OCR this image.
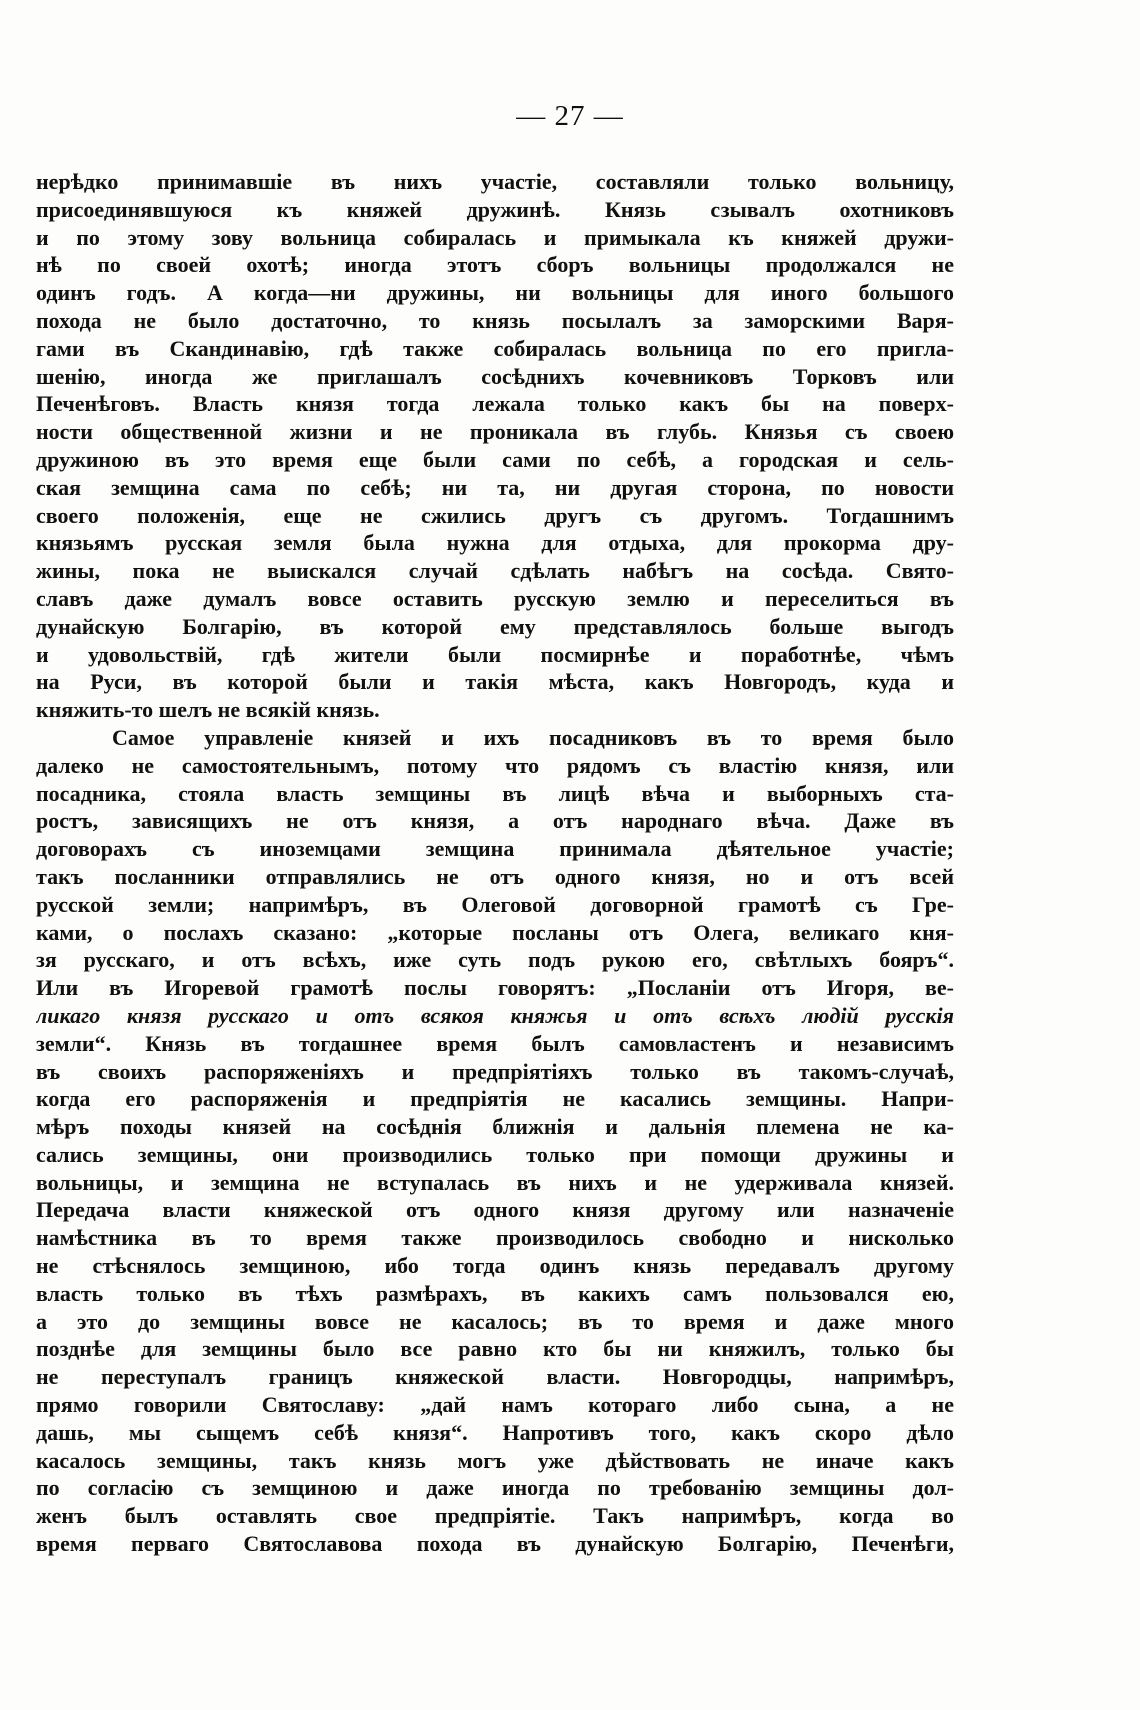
— 27 —
нерѣдко принимавшіе въ нихъ участіе, составляли только вольницу,
присоединявшуюся къ княжей дружинѣ. Князь сзывалъ охотниковъ
и по этому зову вольница собиралась и примыкала къ княжей дружи-
нѣ по своей охотѣ; иногда этотъ сборъ вольницы продолжался не
одинъ годъ. А когда—ни дружины, ни вольницы для иного большого
похода не было достаточно, то князь посылалъ за заморскими Варя-
гами въ Скандинавію, гдѣ также собиралась вольница по его пригла-
шенію, иногда же приглашалъ сосѣднихъ кочевниковъ Торковъ или
Печенѣговъ. Власть князя тогда лежала только какъ бы на поверх-
ности общественной жизни и не проникала въ глубь. Князья съ своею
дружиною въ это время еще были сами по себѣ, а городская и сель-
ская земщина сама по себѣ; ни та, ни другая сторона, по новости
своего положенія, еще не сжились другъ съ другомъ. Тогдашнимъ
князьямъ русская земля была нужна для отдыха, для прокорма дру-
жины, пока не выискался случай сдѣлать набѣгъ на сосѣда. Свято-
славъ даже думалъ вовсе оставить русскую землю и переселиться въ
дунайскую Болгарію, въ которой ему представлялось больше выгодъ
и удовольствій, гдѣ жители были посмирнѣе и поработнѣе, чѣмъ
на Руси, въ которой были и такія мѣста, какъ Новгородъ, куда и
княжить-то шелъ не всякій князь.
Самое управленіе князей и ихъ посадниковъ въ то время было
далеко не самостоятельнымъ, потому что рядомъ съ властію князя, или
посадника, стояла власть земщины въ лицѣ вѣча и выборныхъ ста-
ростъ, зависящихъ не отъ князя, а отъ народнаго вѣча. Даже въ
договорахъ съ иноземцами земщина принимала дѣятельное участіе;
такъ посланники отправлялись не отъ одного князя, но и отъ всей
русской земли; напримѣръ, въ Олеговой договорной грамотѣ съ Гре-
ками, о послахъ сказано: „которые посланы отъ Олега, великаго кня-
зя русскаго, и отъ всѣхъ, иже суть подъ рукою его, свѣтлыхъ бояръ“.
Или въ Игоревой грамотѣ послы говорятъ: „Посланіи отъ Игоря, ве-
ликаго князя русскаго и отъ всякоя княжья и отъ всѣхъ людій русскія
земли“. Князь въ тогдашнее время былъ самовластенъ и независимъ
въ своихъ распоряженіяхъ и предпріятіяхъ только въ такомъ-случаѣ,
когда его распоряженія и предпріятія не касались земщины. Напри-
мѣръ походы князей на сосѣднія ближнія и дальнія племена не ка-
сались земщины, они производились только при помощи дружины и
вольницы, и земщина не вступалась въ нихъ и не удерживала князей.
Передача власти княжеской отъ одного князя другому или назначеніе
намѣстника въ то время также производилось свободно и нисколько
не стѣснялось земщиною, ибо тогда одинъ князь передавалъ другому
власть только въ тѣхъ размѣрахъ, въ какихъ самъ пользовался ею,
а это до земщины вовсе не касалось; въ то время и даже много
позднѣе для земщины было все равно кто бы ни княжилъ, только бы
не переступалъ границъ княжеской власти. Новгородцы, напримѣръ,
прямо говорили Святославу: „дай намъ котораго либо сына, а не
дашь, мы сыщемъ себѣ князя“. Напротивъ того, какъ скоро дѣло
касалось земщины, такъ князь могъ уже дѣйствовать не иначе какъ
по согласію съ земщиною и даже иногда по требованію земщины дол-
женъ былъ оставлять свое предпріятіе. Такъ напримѣръ, когда во
время перваго Святославова похода въ дунайскую Болгарію, Печенѣги,
